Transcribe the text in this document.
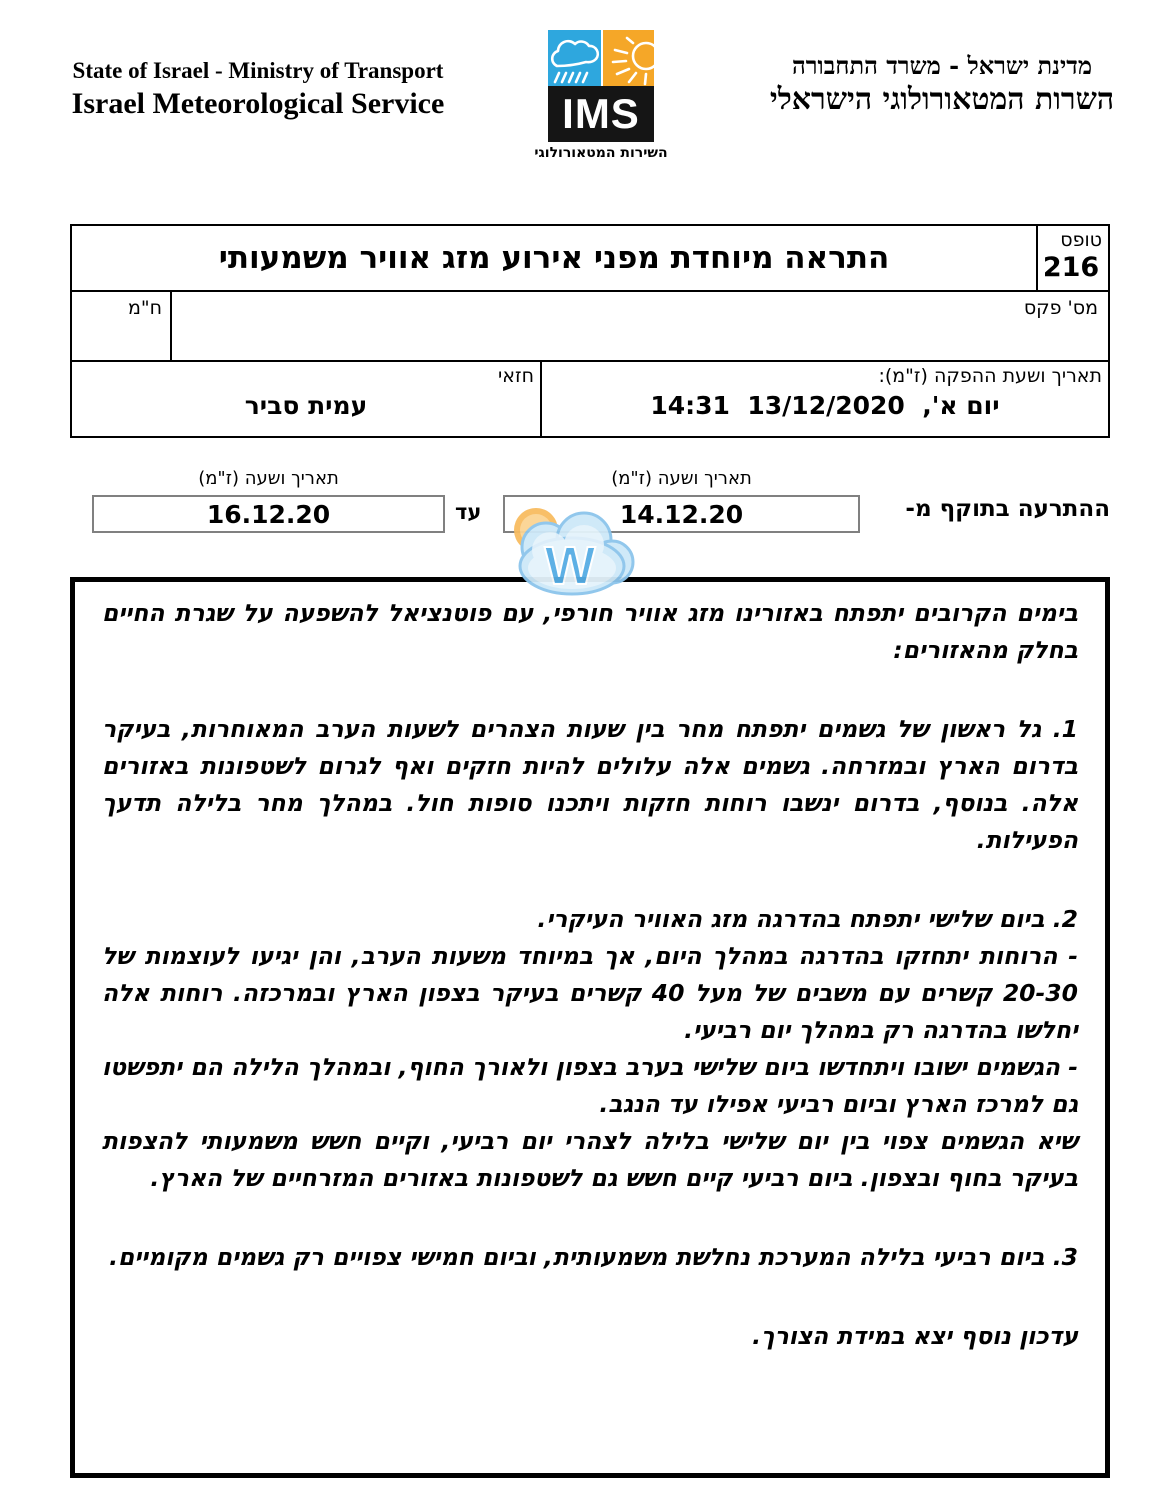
State of Israel - Ministry of Transport
Israel Meteorological Service	IMS
השירות המטאורולוגי
מדינת ישראל - משרד התחבורה
השרות המטאורולוגי הישראלי
טופס
216
התראה מיוחדת מפני אירוע מזג אוויר משמעותי
מס' פקס
ח"מ
תאריך ושעת ההפקה (ז"מ):
יום א',  13/12/2020  14:31
חזאי
עמית סביר
ההתרעה בתוקף מ-
תאריך ושעה (ז"מ)
14.12.20
עד
תאריך ושעה (ז"מ)
16.12.20
W

בימים הקרובים יתפתח באזורינו מזג אוויר חורפי, עם פוטנציאל להשפעה על שגרת החיים בחלק מהאזורים:

1. גל ראשון של גשמים יתפתח מחר בין שעות הצהרים לשעות הערב המאוחרות, בעיקר בדרום הארץ ובמזרחה. גשמים אלה עלולים להיות חזקים ואף לגרום לשטפונות באזורים אלה. בנוסף, בדרום ינשבו רוחות חזקות ויתכנו סופות חול. במהלך מחר בלילה תדעך הפעילות.

2. ביום שלישי יתפתח בהדרגה מזג האוויר העיקרי.

- הרוחות יתחזקו בהדרגה במהלך היום, אך במיוחד משעות הערב, והן יגיעו לעוצמות של 20-30 קשרים עם משבים של מעל 40 קשרים בעיקר בצפון הארץ ובמרכזה. רוחות אלה יחלשו בהדרגה רק במהלך יום רביעי.

- הגשמים ישובו ויתחדשו ביום שלישי בערב בצפון ולאורך החוף, ובמהלך הלילה הם יתפשטו גם למרכז הארץ וביום רביעי אפילו עד הנגב.

שיא הגשמים צפוי בין יום שלישי בלילה לצהרי יום רביעי, וקיים חשש משמעותי להצפות בעיקר בחוף ובצפון. ביום רביעי קיים חשש גם לשטפונות באזורים המזרחיים של הארץ.

3. ביום רביעי בלילה המערכת נחלשת משמעותית, וביום חמישי צפויים רק גשמים מקומיים.

עדכון נוסף יצא במידת הצורך.
